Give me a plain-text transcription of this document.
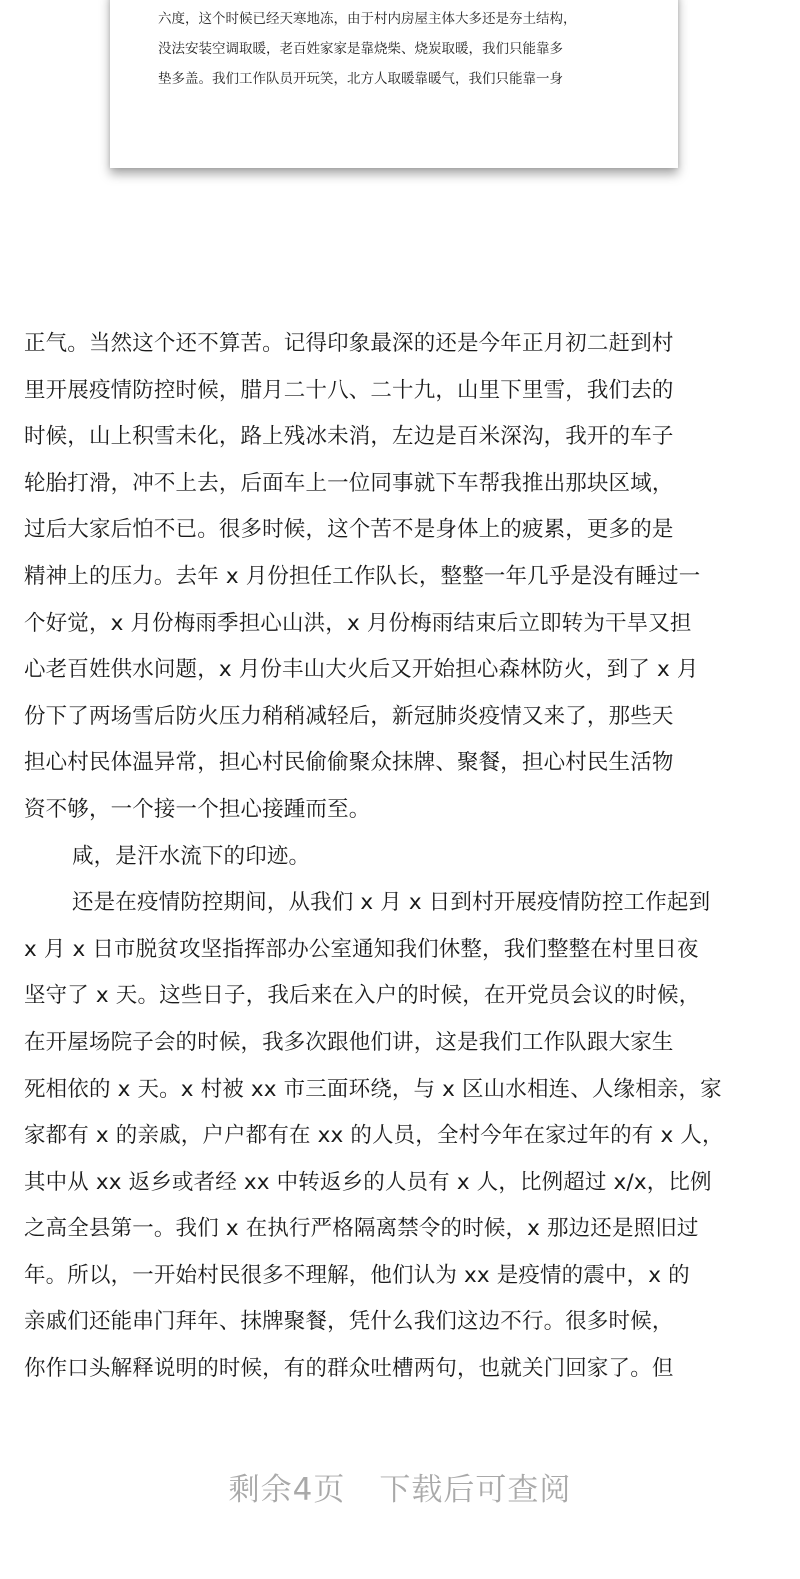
六度，这个时候已经天寒地冻，由于村内房屋主体大多还是夯土结构，
没法安装空调取暖，老百姓家家是靠烧柴、烧炭取暖，我们只能靠多
垫多盖。我们工作队员开玩笑，北方人取暖靠暖气，我们只能靠一身
正气。当然这个还不算苦。记得印象最深的还是今年正月初二赶到村
里开展疫情防控时候，腊月二十八、二十九，山里下里雪，我们去的
时候，山上积雪未化，路上残冰未消，左边是百米深沟，我开的车子
轮胎打滑，冲不上去，后面车上一位同事就下车帮我推出那块区域，
过后大家后怕不已。很多时候，这个苦不是身体上的疲累，更多的是
精神上的压力。去年 x 月份担任工作队长，整整一年几乎是没有睡过一
个好觉，x 月份梅雨季担心山洪，x 月份梅雨结束后立即转为干旱又担
心老百姓供水问题，x 月份丰山大火后又开始担心森林防火，到了 x 月
份下了两场雪后防火压力稍稍减轻后，新冠肺炎疫情又来了，那些天
担心村民体温异常，担心村民偷偷聚众抹牌、聚餐，担心村民生活物
资不够，一个接一个担心接踵而至。
咸，是汗水流下的印迹。
还是在疫情防控期间，从我们 x 月 x 日到村开展疫情防控工作起到
x 月 x 日市脱贫攻坚指挥部办公室通知我们休整，我们整整在村里日夜
坚守了 x 天。这些日子，我后来在入户的时候，在开党员会议的时候，
在开屋场院子会的时候，我多次跟他们讲，这是我们工作队跟大家生
死相依的 x 天。x 村被 xx 市三面环绕，与 x 区山水相连、人缘相亲，家
家都有 x 的亲戚，户户都有在 xx 的人员，全村今年在家过年的有 x 人，
其中从 xx 返乡或者经 xx 中转返乡的人员有 x 人，比例超过 x/x，比例
之高全县第一。我们 x 在执行严格隔离禁令的时候，x 那边还是照旧过
年。所以，一开始村民很多不理解，他们认为 xx 是疫情的震中，x 的
亲戚们还能串门拜年、抹牌聚餐，凭什么我们这边不行。很多时候，
你作口头解释说明的时候，有的群众吐槽两句，也就关门回家了。但
剩余4页 下载后可查阅
